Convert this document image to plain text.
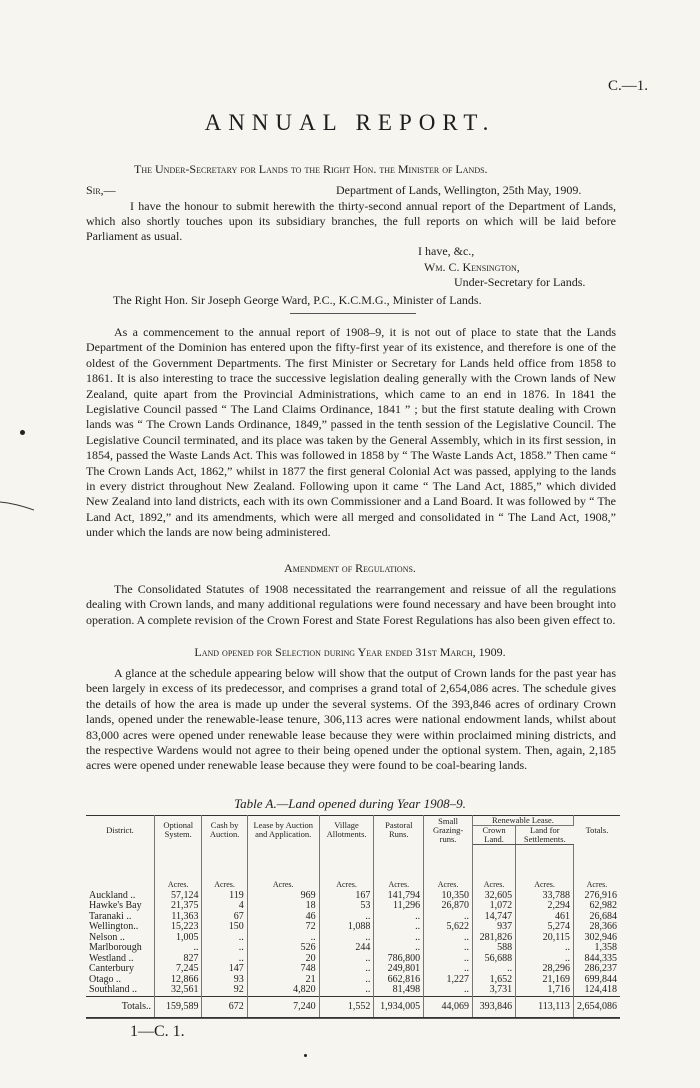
C.—1.
ANNUAL REPORT.
The Under-Secretary for Lands to the Right Hon. the Minister of Lands.
Sir,—	Department of Lands, Wellington, 25th May, 1909.
I have the honour to submit herewith the thirty-second annual report of the Department of Lands, which also shortly touches upon its subsidiary branches, the full reports on which will be laid before Parliament as usual.
I have, &c.,
Wm. C. Kensington,
Under-Secretary for Lands.
The Right Hon. Sir Joseph George Ward, P.C., K.C.M.G., Minister of Lands.

As a commencement to the annual report of 1908–9, it is not out of place to state that the Lands Department of the Dominion has entered upon the fifty-first year of its existence, and therefore is one of the oldest of the Government Departments. The first Minister or Secretary for Lands held office from 1858 to 1861. It is also interesting to trace the successive legislation dealing generally with the Crown lands of New Zealand, quite apart from the Provincial Administrations, which came to an end in 1876. In 1841 the Legislative Council passed “ The Land Claims Ordinance, 1841 ” ; but the first statute dealing with Crown lands was “ The Crown Lands Ordinance, 1849,” passed in the tenth session of the Legislative Council. The Legislative Council terminated, and its place was taken by the General Assembly, which in its first session, in 1854, passed the Waste Lands Act. This was followed in 1858 by “ The Waste Lands Act, 1858.” Then came “ The Crown Lands Act, 1862,” whilst in 1877 the first general Colonial Act was passed, applying to the lands in every district throughout New Zealand. Following upon it came “ The Land Act, 1885,” which divided New Zealand into land districts, each with its own Commissioner and a Land Board. It was followed by “ The Land Act, 1892,” and its amendments, which were all merged and consolidated in “ The Land Act, 1908,” under which the lands are now being administered.

Amendment of Regulations.

The Consolidated Statutes of 1908 necessitated the rearrangement and reissue of all the regulations dealing with Crown lands, and many additional regulations were found necessary and have been brought into operation. A complete revision of the Crown Forest and State Forest Regulations has also been given effect to.

Land opened for Selection during Year ended 31st March, 1909.

A glance at the schedule appearing below will show that the output of Crown lands for the past year has been largely in excess of its predecessor, and comprises a grand total of 2,654,086 acres. The schedule gives the details of how the area is made up under the several systems. Of the 393,846 acres of ordinary Crown lands, opened under the renewable-lease tenure, 306,113 acres were national endowment lands, whilst about 83,000 acres were opened under renewable lease because they were within proclaimed mining districts, and the respective Wardens would not agree to their being opened under the optional system. Then, again, 2,185 acres were opened under renewable lease because they were found to be coal-bearing lands.

Table A.—Land opened during Year 1908–9.
District.	Optional System.	Cash by Auction.	Lease by Auction and Application.	Village Allotments.	Pastoral Runs.	Small Grazing-runs.	Renewable Lease.		Totals.
							Crown Land.	Land for Settlements.	
	Acres.	Acres.	Acres.	Acres.	Acres.	Acres.	Acres.	Acres.	Acres.
Auckland ..	57,124	119	969	167	141,794	10,350	32,605	33,788	276,916
Hawke's Bay	21,375	4	18	53	11,296	26,870	1,072	2,294	62,982
Taranaki ..	11,363	67	46	..	..	..	14,747	461	26,684
Wellington..	15,223	150	72	1,088	..	5,622	937	5,274	28,366
Nelson ..	1,005	..	..	..	..	..	281,826	20,115	302,946
Marlborough	..	..	526	244	..	..	588	..	1,358
Westland ..	827	..	20	..	786,800	..	56,688	..	844,335
Canterbury	7,245	147	748	..	249,801	..	..	28,296	286,237
Otago ..	12,866	93	21	..	662,816	1,227	1,652	21,169	699,844
Southland ..	32,561	92	4,820	..	81,498	..	3,731	1,716	124,418
Totals..	159,589	672	7,240	1,552	1,934,005	44,069	393,846	113,113	2,654,086
1—C. 1.
